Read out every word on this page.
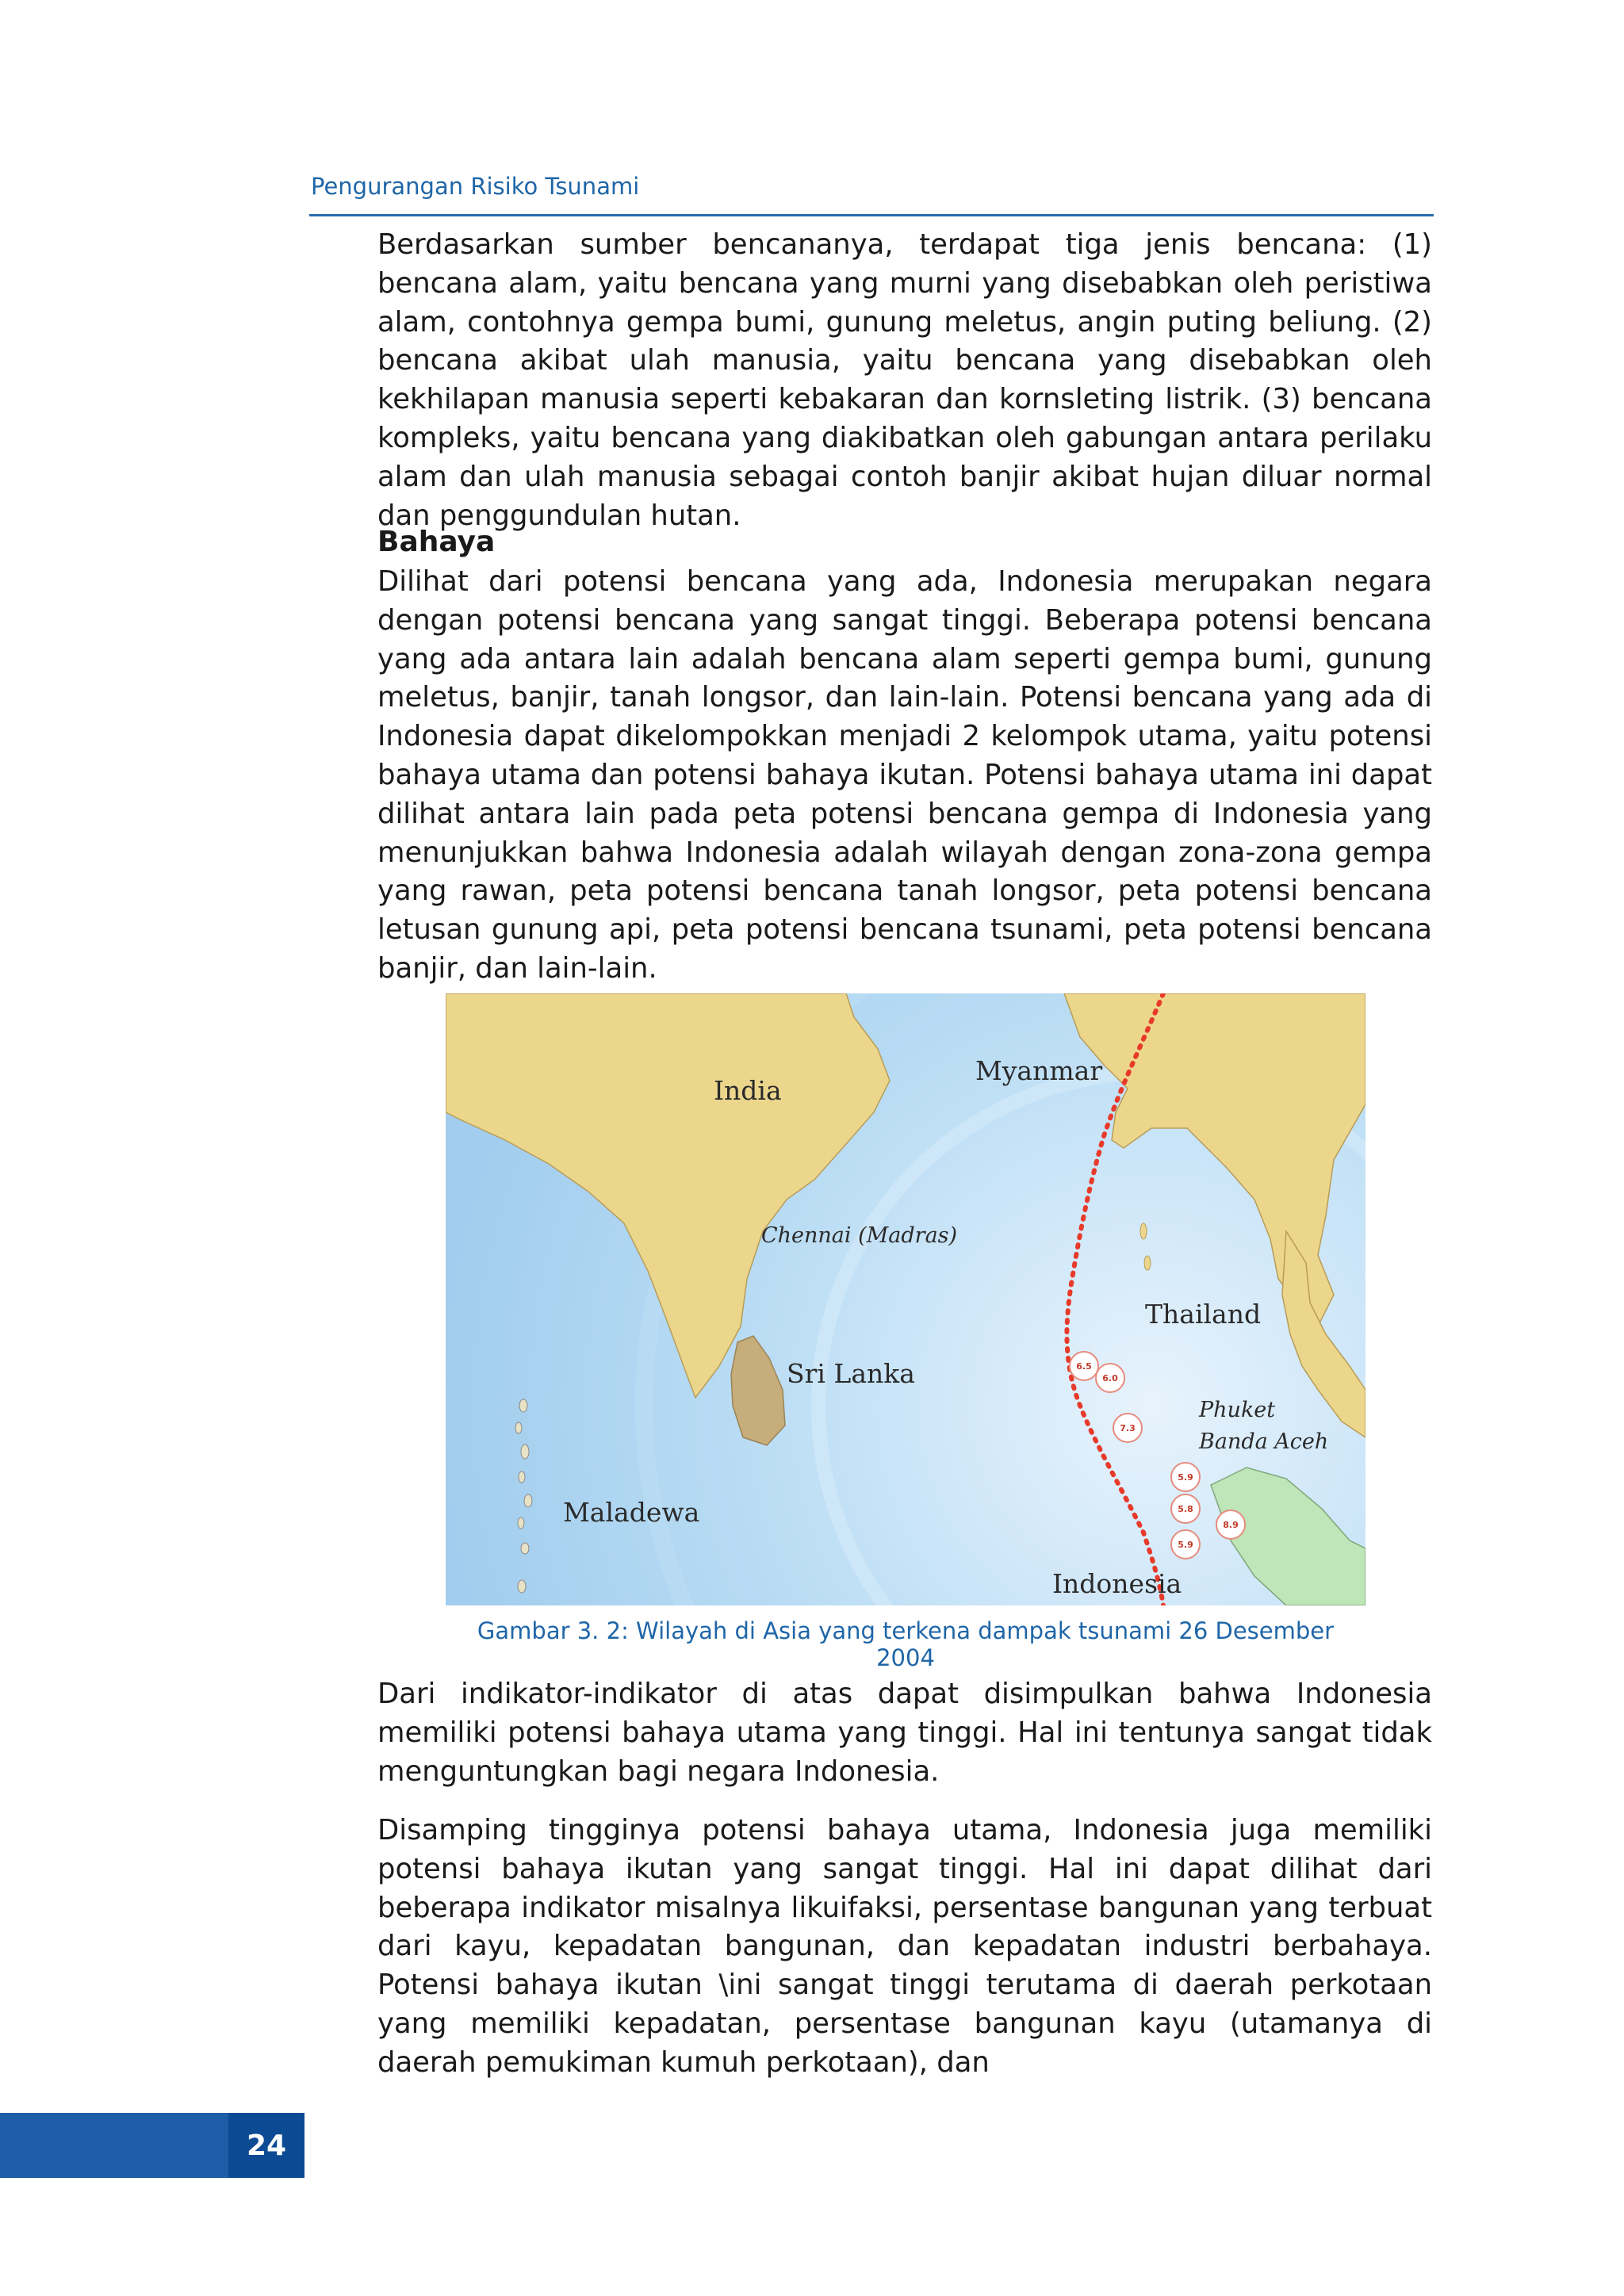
Pengurangan Risiko Tsunami

Berdasarkan sumber bencananya, terdapat tiga jenis bencana: (1) bencana alam, yaitu bencana yang murni yang disebabkan oleh peristiwa alam, contohnya gempa bumi, gunung meletus, angin puting beliung. (2) bencana akibat ulah manusia, yaitu bencana yang disebabkan oleh kekhilapan manusia seperti kebakaran dan kornsleting listrik. (3) bencana kompleks, yaitu bencana yang diakibatkan oleh gabungan antara perilaku alam dan ulah manusia sebagai contoh banjir akibat hujan diluar normal dan penggundulan hutan.

Bahaya

Dilihat dari potensi bencana yang ada, Indonesia merupakan negara dengan potensi bencana yang sangat tinggi. Beberapa potensi bencana yang ada antara lain adalah bencana alam seperti gempa bumi, gunung meletus, banjir, tanah longsor, dan lain-lain. Potensi bencana yang ada di Indonesia dapat dikelompokkan menjadi 2 kelompok utama, yaitu potensi bahaya utama dan potensi bahaya ikutan. Potensi bahaya utama ini dapat dilihat antara lain pada peta potensi bencana gempa di Indonesia yang menunjukkan bahwa Indonesia adalah wilayah dengan zona-zona gempa yang rawan, peta potensi bencana tanah longsor, peta potensi bencana letusan gunung api, peta potensi bencana tsunami, peta potensi bencana banjir, dan lain-lain.

6.5
6.0
7.3
5.9
5.8
5.9
8.9
India
Myanmar
Chennai (Madras)
Thailand
Sri Lanka
Phuket
Banda Aceh
Maladewa
Indonesia

Gambar 3. 2: Wilayah di Asia yang terkena dampak tsunami 26 Desember 2004

Dari indikator-indikator di atas dapat disimpulkan bahwa Indonesia memiliki potensi bahaya utama yang tinggi. Hal ini tentunya sangat tidak menguntungkan bagi negara Indonesia.

Disamping tingginya potensi bahaya utama, Indonesia juga memiliki potensi bahaya ikutan yang sangat tinggi. Hal ini dapat dilihat dari beberapa indikator misalnya likuifaksi, persentase bangunan yang terbuat dari kayu, kepadatan bangunan, dan kepadatan industri berbahaya. Potensi bahaya ikutan \ini sangat tinggi terutama di daerah perkotaan yang memiliki kepadatan, persentase bangunan kayu (utamanya di daerah pemukiman kumuh perkotaan), dan

24
